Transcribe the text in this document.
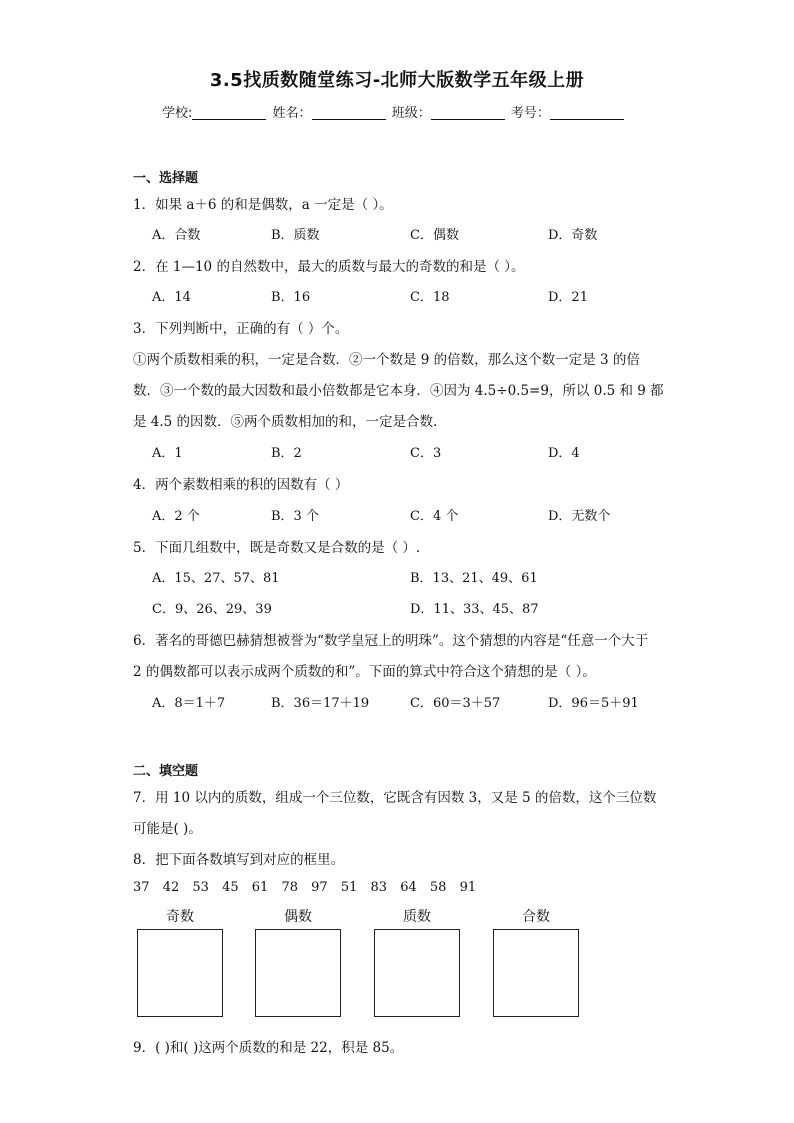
3.5找质数随堂练习-北师大版数学五年级上册
学校:	姓名：	班级：	考号：
一、选择题
1．如果 a＋6 的和是偶数，a 一定是（ ）。
A．合数	B．质数	C．偶数	D．奇数
2．在 1—10 的自然数中，最大的质数与最大的奇数的和是（ ）。
A．14	B．16	C．18	D．21
3．下列判断中，正确的有（ ）个。
①两个质数相乘的积，一定是合数．②一个数是 9 的倍数，那么这个数一定是 3 的倍
数．③一个数的最大因数和最小倍数都是它本身．④因为 4.5÷0.5=9，所以 0.5 和 9 都
是 4.5 的因数．⑤两个质数相加的和，一定是合数.
A．1	B．2	C．3	D．4
4．两个素数相乘的积的因数有（ ）
A．2 个	B．3 个	C．4 个	D．无数个
5．下面几组数中，既是奇数又是合数的是（ ）.
A．15、27、57、81	B．13、21、49、61
C．9、26、29、39	D．11、33、45、87
6．著名的哥德巴赫猜想被誉为“数学皇冠上的明珠”。这个猜想的内容是“任意一个大于
2 的偶数都可以表示成两个质数的和”。下面的算式中符合这个猜想的是（ ）。
A．8＝1＋7	B．36＝17＋19	C．60＝3＋57	D．96＝5＋91
二、填空题
7．用 10 以内的质数，组成一个三位数，它既含有因数 3，又是 5 的倍数，这个三位数
可能是( )。
8．把下面各数填写到对应的框里。
37 42 53 45 61 78 97 51 83 64 58 91
奇数	偶数	质数	合数
9．( )和( )这两个质数的和是 22，积是 85。
